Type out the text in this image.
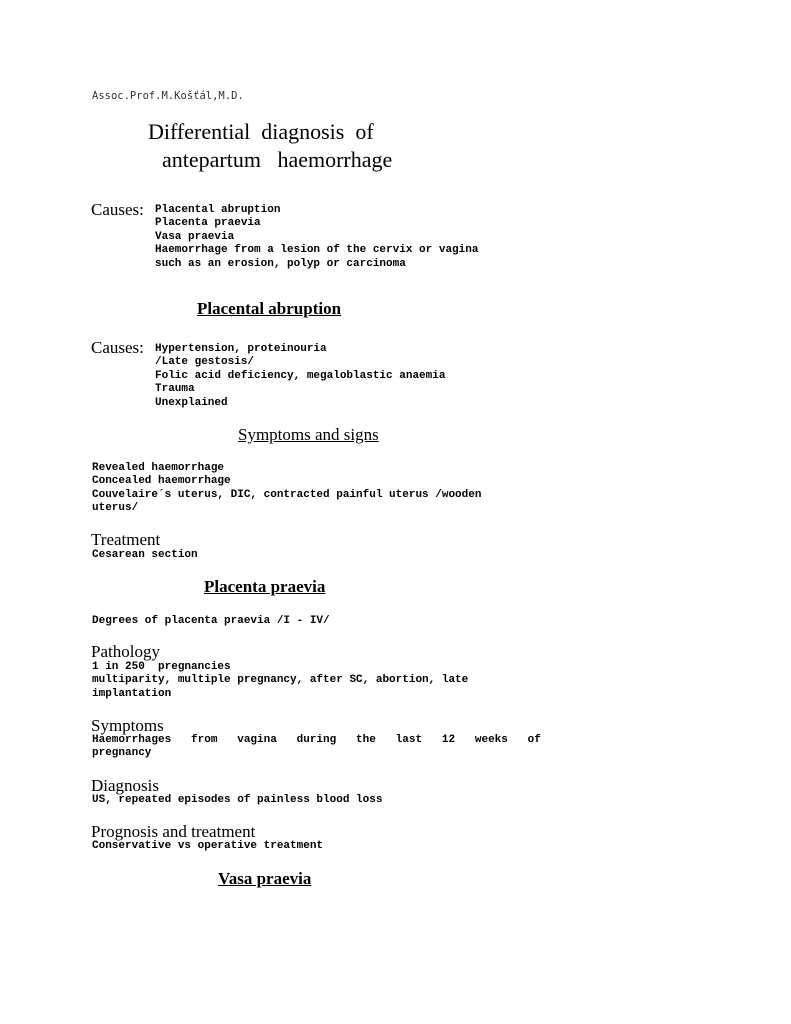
Assoc.Prof.M.Košťál,M.D.
Differential  diagnosis  of
antepartum   haemorrhage
Causes: Placental abruption
Placenta praevia
Vasa praevia
Haemorrhage from a lesion of the cervix or vagina
such as an erosion, polyp or carcinoma
Placental abruption
Causes: Hypertension, proteinouria
/Late gestosis/
Folic acid deficiency, megaloblastic anaemia
Trauma
Unexplained
Symptoms and signs
Revealed haemorrhage
Concealed haemorrhage
Couvelaire´s uterus, DIC, contracted painful uterus /wooden
uterus/
Treatment
Cesarean section
Placenta praevia
Degrees of placenta praevia /I - IV/
Pathology
1 in 250  pregnancies
multiparity, multiple pregnancy, after SC, abortion, late
implantation
Symptoms
Haemorrhages   from   vagina   during   the   last   12   weeks   of
pregnancy
Diagnosis
US, repeated episodes of painless blood loss
Prognosis and treatment
Conservative vs operative treatment
Vasa praevia
